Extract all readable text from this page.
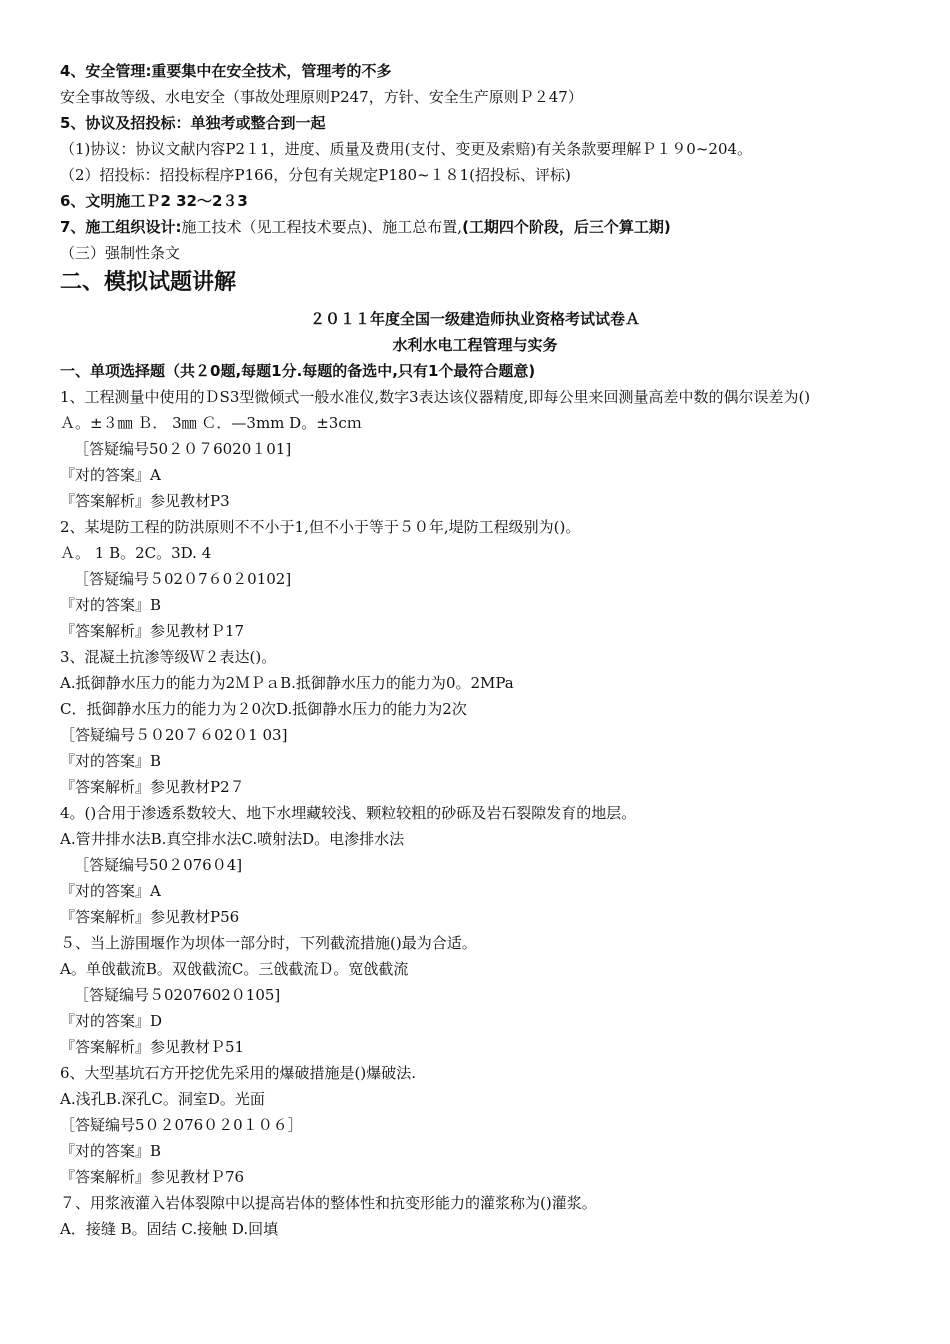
4、安全管理:重要集中在安全技术，管理考的不多
安全事故等级、水电安全（事故处理原则P247，方针、安全生产原则Ｐ２47）
5、协议及招投标：单独考或整合到一起
（1)协议：协议文献内容P2１1，进度、质量及费用(支付、变更及索赔)有关条款要理解Ｐ１９0~204。
（2）招投标：招投标程序P166，分包有关规定P180~１８1(招投标、评标)
6、文明施工Ｐ2 32～2３3
7、施工组织设计:施工技术（见工程技术要点)、施工总布置,(工期四个阶段，后三个算工期)
（三）强制性条文
二、模拟试题讲解
２０１１年度全国一级建造师执业资格考试试卷Ａ
水利水电工程管理与实务
一、单项选择题（共２0题,每题1分.每题的备选中,只有1个最符合题意)
1、工程测量中使用的ＤS3型微倾式一般水准仪,数字3表达该仪器精度,即每公里来回测量高差中数的偶尔误差为()
Ａ。±３㎜ Ｂ． 3㎜ Ｃ．—3mm D。±3cｍ
［答疑编号50２０７6020１01]
『对的答案』A
『答案解析』参见教材P3
2、某堤防工程的防洪原则不不小于1,但不小于等于５０年,堤防工程级别为()。
Ａ。 1 B。2C。3D. 4
［答疑编号５02０7６0２0102]
『对的答案』B
『答案解析』参见教材Ｐ17
3、混凝土抗渗等级Ｗ２表达()。
A.抵御静水压力的能力为2ＭＰａB.抵御静水压力的能力为0。2MPa
C．抵御静水压力的能力为２0次D.抵御静水压力的能力为2次
［答疑编号５０20７６02０1 03]
『对的答案』B
『答案解析』参见教材P2７
4。()合用于渗透系数较大、地下水埋藏较浅、颗粒较粗的砂砾及岩石裂隙发育的地层。
A.管井排水法B.真空排水法C.喷射法D。电渗排水法
［答疑编号50２076０4]
『对的答案』A
『答案解析』参见教材P56
５、当上游围堰作为坝体一部分时，下列截流措施()最为合适。
A。单戗截流B。双戗截流C。三戗截流Ｄ。宽戗截流
［答疑编号５0207602０105]
『对的答案』D
『答案解析』参见教材Ｐ51
6、大型基坑石方开挖优先采用的爆破措施是()爆破法.
A.浅孔B.深孔C。洞室D。光面
［答疑编号5０２076０２0１０６］
『对的答案』B
『答案解析』参见教材Ｐ76
７、用浆液灌入岩体裂隙中以提高岩体的整体性和抗变形能力的灌浆称为()灌浆。
A．接缝 B。固结 C.接触 D.回填
